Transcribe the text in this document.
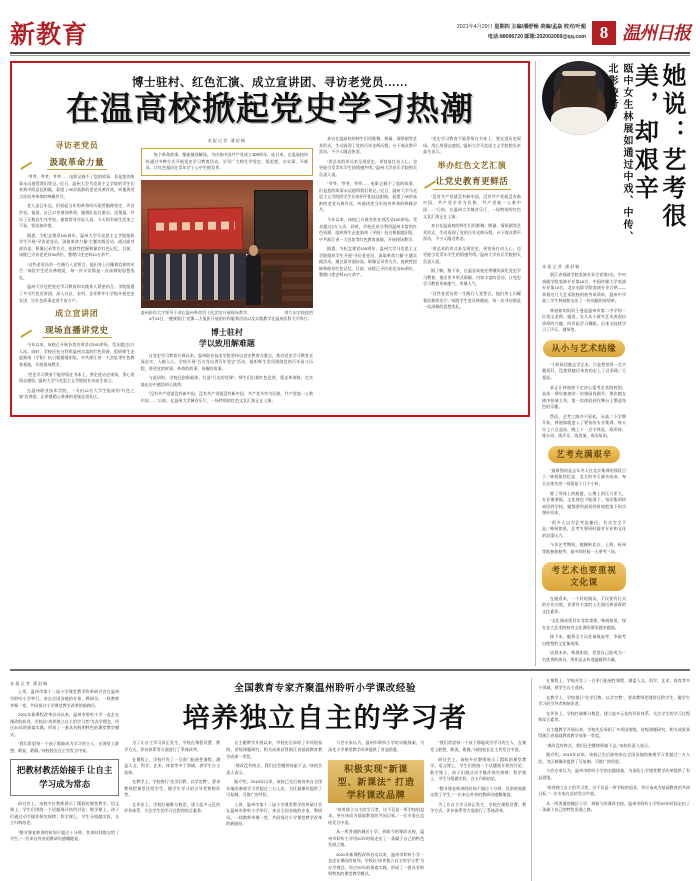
新教育	2021年4月29日 星期四 主编/潘舒畅 美编/孟焱 校对/叶超
电话:88096720 邮箱:202002069@qq.com 8 温州日报
博士驻村、红色汇演、成立宣讲团、寻访老党员……
在温高校掀起党史学习热潮
寻访老党员
汲取革命力量

“爷爷，爷爷，爷爷……电影记载不了您的故事，但是您的故事永远值得我们铭记。”近日，温州大学马克思主义学院的学生们来到平阳县昆阳镇，看望了95岁高龄的老党员黄作宾，听他讲述当年投身革命的峥嵘岁月。

老人虽已年迈，但说起当年的革命经历依然眼神坚定、声音洪亮。他说，自己17岁参加革命，跟着队伍打游击、送情报，经历了无数次生死考验。他常常对年轻人说，今天的幸福生活来之不易，要倍加珍惜。

据悉，为纪念建党100周年，温州大学马克思主义学院组织学生开展“寻访老党员、汲取革命力量”主题实践活动，通过面对面访谈、影像记录等方式，抢救性挖掘和保存红色记忆。目前，该院已寻访老党员30余位，整理口述史料10万余字。

“这些老党员用一生践行入党誓言，他们身上闪耀着信仰的光芒。”该院学生党员林晓说，每一次寻访都是一次深刻的思想洗礼。

温州大学还把党史学习教育和实践育人紧密结合。学院组建了多支红色宣讲团，深入社区、农村、企业和中小学校开展党史宣讲，让红色故事走进千家万户。

成立宣讲团
现场直播讲党史

今年以来，该校已开展各类宣讲活动100余场，受众超过2万人次。同时，学校还充分利用温州丰富的红色资源，组织师生走进浙南（平阳）抗日根据地旧址、中共浙江省一大会址等红色教育基地，开展现场教学。

“党史学习教育不能停留在书本上，要走进历史现场，用心用情去感悟。”温州大学马克思主义学院院长卓高生表示。

在温州职业技术学院，一支由12名大学生组成的“红色之旅”宣讲团，正带着精心准备的党课走进社区。

本报记者 潘舒畅
每个革命故事，都能被丝解读。为庆祝中国共产党成立100周年，连日来，在温高校纷纷通过多种方式开展党史学习教育活动，引导广大师生学党史、悟思想、办实事、开新局，让红色基因在青年学子心中生根发芽。
温州医科大学领导干部在温州革命烈士纪念馆开展现场教学。	图片由学校提供

4月13日，“健康浙江”党课—大冤医开展的社科服务活动以及实践教学在温州医科大学举行。

博士驻村
学以致用解难题

自党史学习教育开展以来，温州职业技术学院坚持以党史教育为重点，推动党史学习教育走深走实、入脑入心。学校开展“百名党员讲百年党史”活动，组织师生党员围绕党的百年奋斗历程，讲述党的故事、革命的故事、英雄的故事。

与此同时，学校还创新载体，打造“行走的党课”。师生们沿着红色足迹，重走革命路，在实地走访中感悟初心使命。

“没有共产党就没有新中国，没有共产党就没有新中国，共产党辛劳为民族，共产党他一心救中国……”日前，在温州大学城音乐厅，一场特别的红色文艺汇演正在上演。

来自在温高校的师生们用歌舞、朗诵、情景剧等艺术形式，生动再现了党的百年光辉历程。台下观众掌声雷动，不少人眼含热泪。

“用艺术的形式来呈现党史，更容易打动人心，也更能引发青年学生的情感共鸣。”温州大学音乐学院相关负责人说。

“爷爷，爷爷，爷爷……电影记载不了您的故事，但是您的故事永远值得我们铭记。”近日，温州大学马克思主义学院的学生们来到平阳县昆阳镇，看望了95岁高龄的老党员黄作宾，听他讲述当年投身革命的峥嵘岁月。

今年以来，该校已开展各类宣讲活动100余场，受众超过2万人次。同时，学校还充分利用温州丰富的红色资源，组织师生走进浙南（平阳）抗日根据地旧址、中共浙江省一大会址等红色教育基地，开展现场教学。

据悉，为纪念建党100周年，温州大学马克思主义学院组织学生开展“寻访老党员、汲取革命力量”主题实践活动，通过面对面访谈、影像记录等方式，抢救性挖掘和保存红色记忆。目前，该院已寻访老党员30余位，整理口述史料10万余字。

“党史学习教育不能停留在书本上，要走进历史现场，用心用情去感悟。”温州大学马克思主义学院院长卓高生表示。

举办红色文艺汇演
让党史教育更鲜活

“没有共产党就没有新中国，没有共产党就没有新中国，共产党辛劳为民族，共产党他一心救中国……”日前，在温州大学城音乐厅，一场特别的红色文艺汇演正在上演。

来自在温高校的师生们用歌舞、朗诵、情景剧等艺术形式，生动再现了党的百年光辉历程。台下观众掌声雷动，不少人眼含热泪。

“用艺术的形式来呈现党史，更容易打动人心，也更能引发青年学生的情感共鸣。”温州大学音乐学院相关负责人说。

据了解，接下来，在温各高校还将继续深化党史学习教育，推出更多形式新颖、内容丰富的活动，让党史学习教育更接地气、更聚人气。

“这些老党员用一生践行入党誓言，他们身上闪耀着信仰的光芒。”该院学生党员林晓说，每一次寻访都是一次深刻的思想洗礼。

瓯中女生林展如通过中戏、中传、北影校考	她说：艺考很美，却艰辛
本报记者 潘舒畅

浙江省戏剧学院表演专业全省第2名、中央戏剧学院表演专业第16名、中国传媒大学表演专业第10名、北京电影学院表演专业合格——拿着这几大艺术院校的校考成绩单，温州中学高三学生林展如交出了一份亮眼的成绩单。

林展如的妈妈王曼是温州市第二中学的一位语文老师。她说，女儿从小就对艺术表现出浓厚的兴趣，四岁起学习舞蹈，后来又陆续学习了声乐、钢琴等。

从小与艺术结缘

“小时候送她去学艺术，只是想培养一点兴趣爱好，没想到她后来真的走上了这条路。”王曼说。

真正让林展如下定决心报考艺术院校的，是高一那年参加的一次校园戏剧节。那次她在剧中扮演主角，第一次体验到在舞台上塑造角色的乐趣。

然而，艺考之路并不轻松。从高二下学期开始，林展如就进入了紧张的专业集训。每天早上六点起床，晚上十一点才休息，练形体、练台词、练声乐、练表演，周而复始。

艺考充满艰辛

“最难熬的是去年冬天在北京集训的那段日子。”林展如回忆说，北方的冬天滴水成冰，每天在练功房一待就是十几个小时。

除了身体上的疲惫，心理上的压力更大。专业课要练，文化课也不能落下。每次集训结束回到学校，她都要用最短的时间把落下的功课补回来。

“很多人以为艺考是捷径，其实完全不是。”林展如说，艺考生要同时面对专业和文化的双重压力。

今年艺考期间，她辗转北京、上海、杭州等地参加校考，最多的时候一天要考三场。

考艺术也要重视文化课

在她看来，一个好的演员，不仅要有扎实的专业功底，更要有丰富的人生阅历和深厚的文化素养。

“文化课成绩其实非常重要。”林展如说，现在各大艺术院校对文化课的要求越来越高。

接下来，她将全力以赴备战高考，争取考出理想的文化课成绩。

谈到未来，林展如说，希望自己能成为一名优秀的演员，用作品去传递温暖和力量。

本报记者 潘舒畅

上周，温州市第十二届小学课堂教学改革研讨会在温州市聆听小学举行。来自全国各地的专家、教研员、一线教师齐聚一堂，共同探讨小学课堂教学改革的新路径。

2001年新课程改革启动以来，温州市聆听小学一直走在课改的前列。学校以“培养独立自主的学习者”为办学理念，经过20年的探索实践，形成了一套具有鲜明特色的课堂教学模式。

“我们希望每一个孩子都能成为学习的主人，在课堂上敢想、敢说、敢做。”该校校长在主旨发言中说。

把教材教活始接手 让自主学习成为常态

研讨会上，该校多位教师展示了精彩的课堂教学。语文课上，学生们围绕一个话题展开热烈讨论；数学课上，孩子们通过动手操作探究规律；科学课上，学生分组做实验，自主归纳结论。

“整节课老师讲的时间不超过十分钟，其余时间都交给了学生。”一位来自外省的教研员感慨地说。

全国教育专家齐聚温州聆听小学课改经验
培养独立自主的学习者

为了让自主学习真正发生，学校在课程设置、教学方式、评价体系等方面进行了系统改革。

在课程上，学校开发了一百余门拓展性课程，涵盖人文、科学、艺术、体育等多个领域，供学生自主选择。

在教学上，学校推行“先学后教、以学定教”，要求教师把课堂还给学生，做学生学习的引导者和陪伴者。

在评价上，学校打破唯分数论，建立起多元化的评价体系，关注学生的学习过程和综合素养。

自主题教学开展以来，学校先后承担了多项国家级、省级课题研究，相关成果获得浙江省基础教育教学成果一等奖。

“课改没有终点，我们还会继续探索下去。”该校负责人表示。

据介绍，2015年以来，该校已先后接待来自全国各地的参观学习者超过三万人次，为区域课改提供了可复制、可推广的经验。

上周，温州市第十二届小学课堂教学改革研讨会在温州市聆听小学举行。来自全国各地的专家、教研员、一线教师齐聚一堂，共同探讨小学课堂教学改革的新路径。

与会专家认为，温州市聆听小学的实践探索，为深化小学课堂教学改革提供了有益借鉴。

积极实现“新课型、新课法” 打造学科课改品牌

“培养独立自主的学习者，这不仅是一所学校的追求，更应该成为基础教育的共同目标。”一位专家在总结发言中说。

从一所普通的城区小学，到如今的课改名校，温州市聆听小学用20年时间走出了一条属于自己的特色发展之路。

2001年新课程改革启动以来，温州市聆听小学一直走在课改的前列。学校以“培养独立自主的学习者”为办学理念，经过20年的探索实践，形成了一套具有鲜明特色的课堂教学模式。

“我们希望每一个孩子都能成为学习的主人，在课堂上敢想、敢说、敢做。”该校校长在主旨发言中说。

研讨会上，该校多位教师展示了精彩的课堂教学。语文课上，学生们围绕一个话题展开热烈讨论；数学课上，孩子们通过动手操作探究规律；科学课上，学生分组做实验，自主归纳结论。

“整节课老师讲的时间不超过十分钟，其余时间都交给了学生。”一位来自外省的教研员感慨地说。

为了让自主学习真正发生，学校在课程设置、教学方式、评价体系等方面进行了系统改革。

在课程上，学校开发了一百余门拓展性课程，涵盖人文、科学、艺术、体育等多个领域，供学生自主选择。

在教学上，学校推行“先学后教、以学定教”，要求教师把课堂还给学生，做学生学习的引导者和陪伴者。

在评价上，学校打破唯分数论，建立起多元化的评价体系，关注学生的学习过程和综合素养。

自主题教学开展以来，学校先后承担了多项国家级、省级课题研究，相关成果获得浙江省基础教育教学成果一等奖。

“课改没有终点，我们还会继续探索下去。”该校负责人表示。

据介绍，2015年以来，该校已先后接待来自全国各地的参观学习者超过三万人次，为区域课改提供了可复制、可推广的经验。

与会专家认为，温州市聆听小学的实践探索，为深化小学课堂教学改革提供了有益借鉴。

“培养独立自主的学习者，这不仅是一所学校的追求，更应该成为基础教育的共同目标。”一位专家在总结发言中说。

从一所普通的城区小学，到如今的课改名校，温州市聆听小学用20年时间走出了一条属于自己的特色发展之路。
